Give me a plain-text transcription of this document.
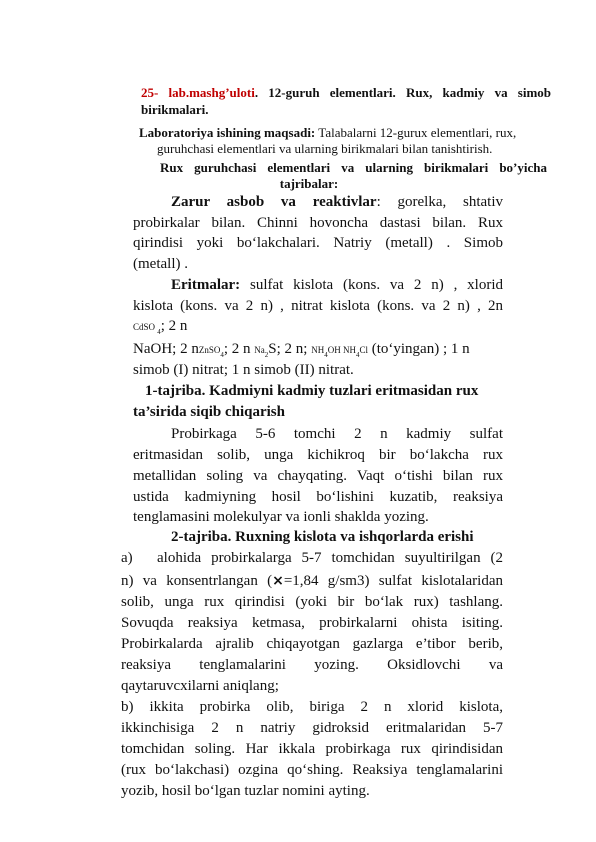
25- lab.mashg’uloti. 12-guruh elementlari. Rux, kadmiy va simob
birikmalari.
Laboratoriya ishining maqsadi: Talabalarni 12-gurux elementlari, rux,
guruhchasi elementlari va ularning birikmalari bilan tanishtirish.
Rux guruhchasi elementlari va ularning birikmalari bo’yicha
tajribalar:
Zarur asbob va reaktivlar: gorelka, shtativ
probirkalar bilan. Chinni hovoncha dastasi bilan. Rux
qirindisi yoki bo‘lakchalari. Natriy (metall) . Simob
(metall) .
Eritmalar: sulfat kislota (kons. va 2 n) , xlorid
kislota (kons. va 2 n) , nitrat kislota (kons. va 2 n) , 2n
CdSO $_4$; 2 n
NaOH; 2 nZnSO$_4$; 2 n $Na_2S$; 2 n; $NH_4OH$ $NH_4Cl$ (to‘yingan) ; 1 n
simob (I) nitrat; 1 n simob (II) nitrat.
1-tajriba. Kadmiyni kadmiy tuzlari eritmasidan rux
ta’sirida siqib chiqarish
Probirkaga 5-6 tomchi 2 n kadmiy sulfat
eritmasidan solib, unga kichikroq bir bo‘lakcha rux
metallidan soling va chayqating. Vaqt o‘tishi bilan rux
ustida kadmiyning hosil bo‘lishini kuzatib, reaksiya
tenglamasini molekulyar va ionli shaklda yozing.
2-tajriba. Ruxning kislota va ishqorlarda erishi
a) alohida probirkalarga 5-7 tomchidan suyultirilgan (2
n) va konsentrlangan (×=1,84 g/sm3) sulfat kislotalaridan
solib, unga rux qirindisi (yoki bir bo‘lak rux) tashlang.
Sovuqda reaksiya ketmasa, probirkalarni ohista isiting.
Probirkalarda ajralib chiqayotgan gazlarga e’tibor berib,
reaksiya tenglamalarini yozing. Oksidlovchi va
qaytaruvcxilarni aniqlang;
b) ikkita probirka olib, biriga 2 n xlorid kislota,
ikkinchisiga 2 n natriy gidroksid eritmalaridan 5-7
tomchidan soling. Har ikkala probirkaga rux qirindisidan
(rux bo‘lakchasi) ozgina qo‘shing. Reaksiya tenglamalarini
yozib, hosil bo‘lgan tuzlar nomini ayting.
